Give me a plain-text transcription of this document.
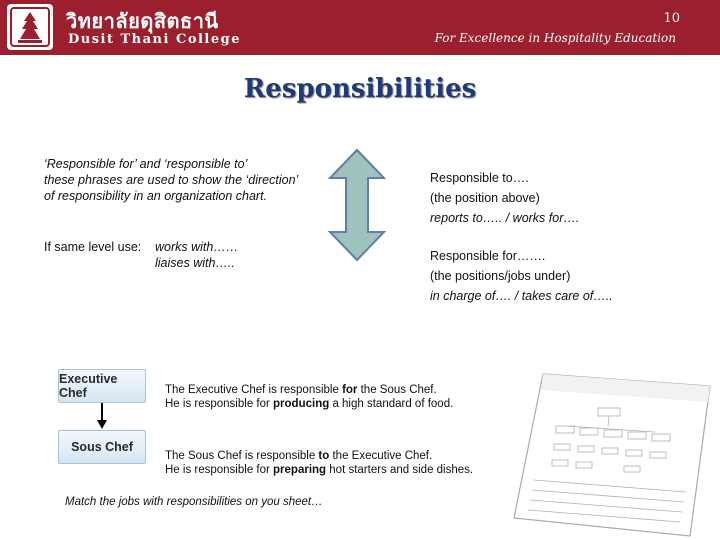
วิทยาลัยดุสิตธานี
Dusit Thani College
10
For Excellence in Hospitality Education
Responsibilities
‘Responsible for’ and ‘responsible to’
these phrases are used to show the ‘direction’
of responsibility in an organization chart.
If same level use: works with……
liaises with…..
Responsible to….
(the position above)
reports to….. / works for….
Responsible for…….
(the positions/jobs under)
in charge of…. / takes care of…..
Executive Chef
Sous Chef
The Executive Chef is responsible for the Sous Chef.
He is responsible for producing a high standard of food.
The Sous Chef is responsible to the Executive Chef.
He is responsible for preparing hot starters and side dishes.
Match the jobs with responsibilities on you sheet…
